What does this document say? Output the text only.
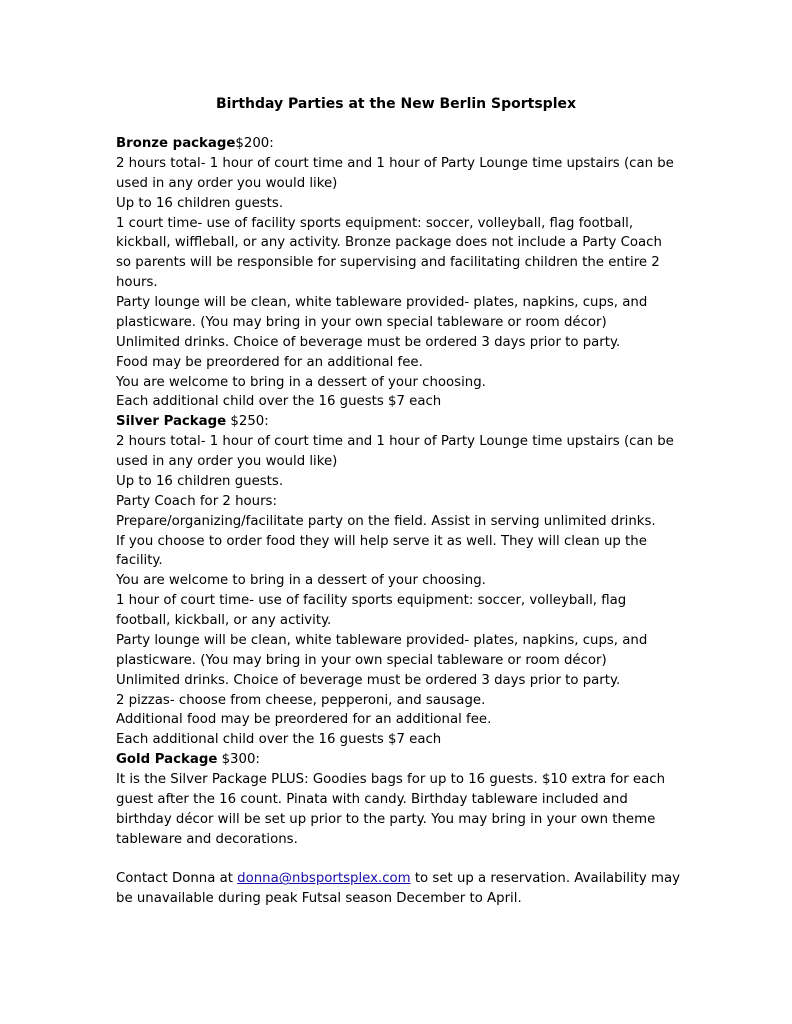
Birthday Parties at the New Berlin Sportsplex

Bronze package$200:

2 hours total- 1 hour of court time and 1 hour of Party Lounge time upstairs (can be

used in any order you would like)

Up to 16 children guests.

1 court time- use of facility sports equipment: soccer, volleyball, flag football,

kickball, wiffleball, or any activity. Bronze package does not include a Party Coach

so parents will be responsible for supervising and facilitating children the entire 2

hours.

Party lounge will be clean, white tableware provided- plates, napkins, cups, and

plasticware. (You may bring in your own special tableware or room décor)

Unlimited drinks. Choice of beverage must be ordered 3 days prior to party.

Food may be preordered for an additional fee.

You are welcome to bring in a dessert of your choosing.

Each additional child over the 16 guests $7 each

Silver Package $250:

2 hours total- 1 hour of court time and 1 hour of Party Lounge time upstairs (can be

used in any order you would like)

Up to 16 children guests.

Party Coach for 2 hours:

Prepare/organizing/facilitate party on the field. Assist in serving unlimited drinks.

If you choose to order food they will help serve it as well. They will clean up the

facility.

You are welcome to bring in a dessert of your choosing.

1 hour of court time- use of facility sports equipment: soccer, volleyball, flag

football, kickball, or any activity.

Party lounge will be clean, white tableware provided- plates, napkins, cups, and

plasticware. (You may bring in your own special tableware or room décor)

Unlimited drinks. Choice of beverage must be ordered 3 days prior to party.

2 pizzas- choose from cheese, pepperoni, and sausage.

Additional food may be preordered for an additional fee.

Each additional child over the 16 guests $7 each

Gold Package $300:

It is the Silver Package PLUS: Goodies bags for up to 16 guests. $10 extra for each

guest after the 16 count. Pinata with candy. Birthday tableware included and

birthday décor will be set up prior to the party. You may bring in your own theme

tableware and decorations.

Contact Donna at donna@nbsportsplex.com to set up a reservation. Availability may

be unavailable during peak Futsal season December to April.
